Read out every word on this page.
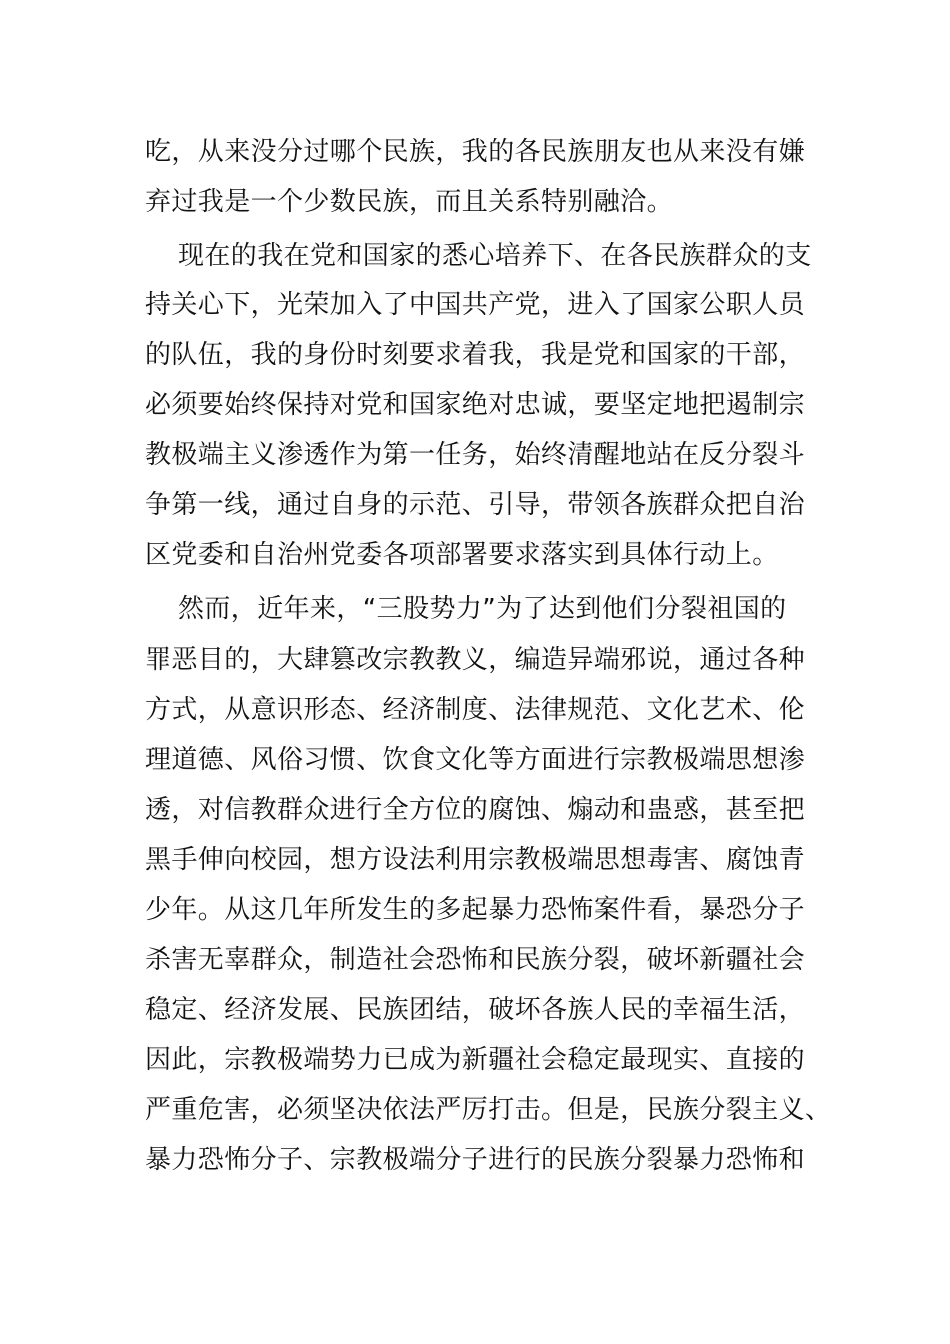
吃，从来没分过哪个民族，我的各民族朋友也从来没有嫌
弃过我是一个少数民族，而且关系特别融洽。
现在的我在党和国家的悉心培养下、在各民族群众的支
持关心下，光荣加入了中国共产党，进入了国家公职人员
的队伍，我的身份时刻要求着我，我是党和国家的干部，
必须要始终保持对党和国家绝对忠诚，要坚定地把遏制宗
教极端主义渗透作为第一任务，始终清醒地站在反分裂斗
争第一线，通过自身的示范、引导，带领各族群众把自治
区党委和自治州党委各项部署要求落实到具体行动上。
然而，近年来，“三股势力”为了达到他们分裂祖国的
罪恶目的，大肆篡改宗教教义，编造异端邪说，通过各种
方式，从意识形态、经济制度、法律规范、文化艺术、伦
理道德、风俗习惯、饮食文化等方面进行宗教极端思想渗
透，对信教群众进行全方位的腐蚀、煽动和蛊惑，甚至把
黑手伸向校园，想方设法利用宗教极端思想毒害、腐蚀青
少年。从这几年所发生的多起暴力恐怖案件看，暴恐分子
杀害无辜群众，制造社会恐怖和民族分裂，破坏新疆社会
稳定、经济发展、民族团结，破坏各族人民的幸福生活，
因此，宗教极端势力已成为新疆社会稳定最现实、直接的
严重危害，必须坚决依法严厉打击。但是，民族分裂主义、
暴力恐怖分子、宗教极端分子进行的民族分裂暴力恐怖和
